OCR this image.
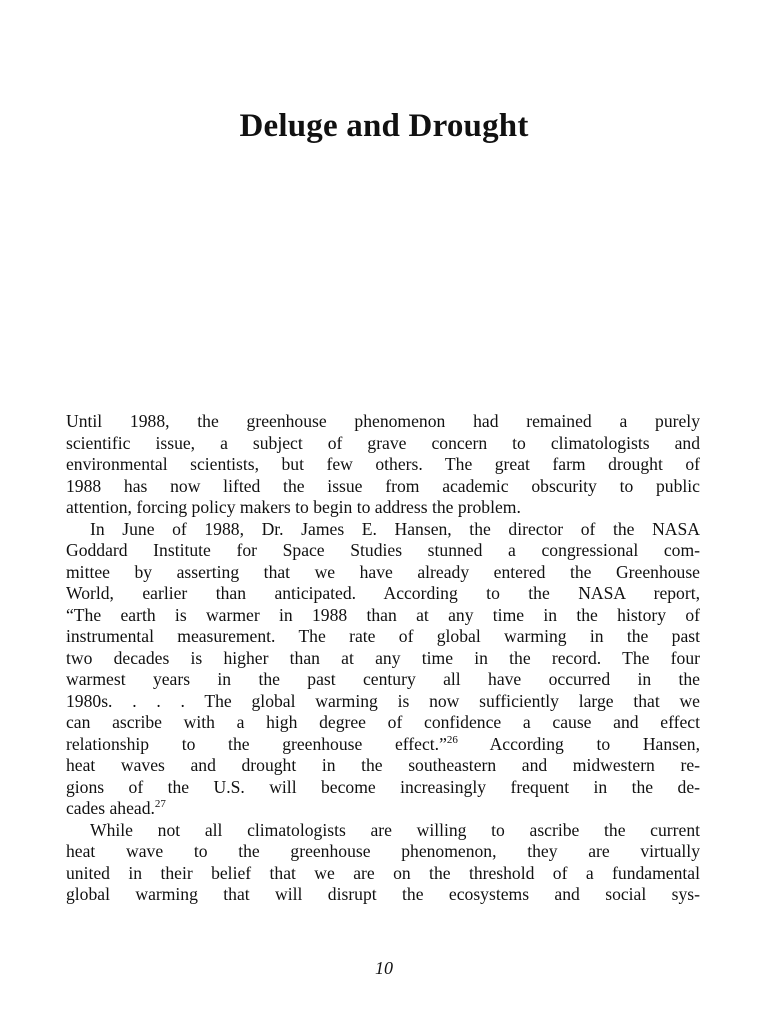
Deluge and Drought
Until 1988, the greenhouse phenomenon had remained a purely
scientific issue, a subject of grave concern to climatologists and
environmental scientists, but few others. The great farm drought of
1988 has now lifted the issue from academic obscurity to public
attention, forcing policy makers to begin to address the problem.
In June of 1988, Dr. James E. Hansen, the director of the NASA
Goddard Institute for Space Studies stunned a congressional com-
mittee by asserting that we have already entered the Greenhouse
World, earlier than anticipated. According to the NASA report,
“The earth is warmer in 1988 than at any time in the history of
instrumental measurement. The rate of global warming in the past
two decades is higher than at any time in the record. The four
warmest years in the past century all have occurred in the
1980s. . . . The global warming is now sufficiently large that we
can ascribe with a high degree of confidence a cause and effect
relationship to the greenhouse effect.”$^{26}$ According to Hansen,
heat waves and drought in the southeastern and midwestern re-
gions of the U.S. will become increasingly frequent in the de-
cades ahead.$^{27}$
While not all climatologists are willing to ascribe the current
heat wave to the greenhouse phenomenon, they are virtually
united in their belief that we are on the threshold of a fundamental
global warming that will disrupt the ecosystems and social sys-
10
